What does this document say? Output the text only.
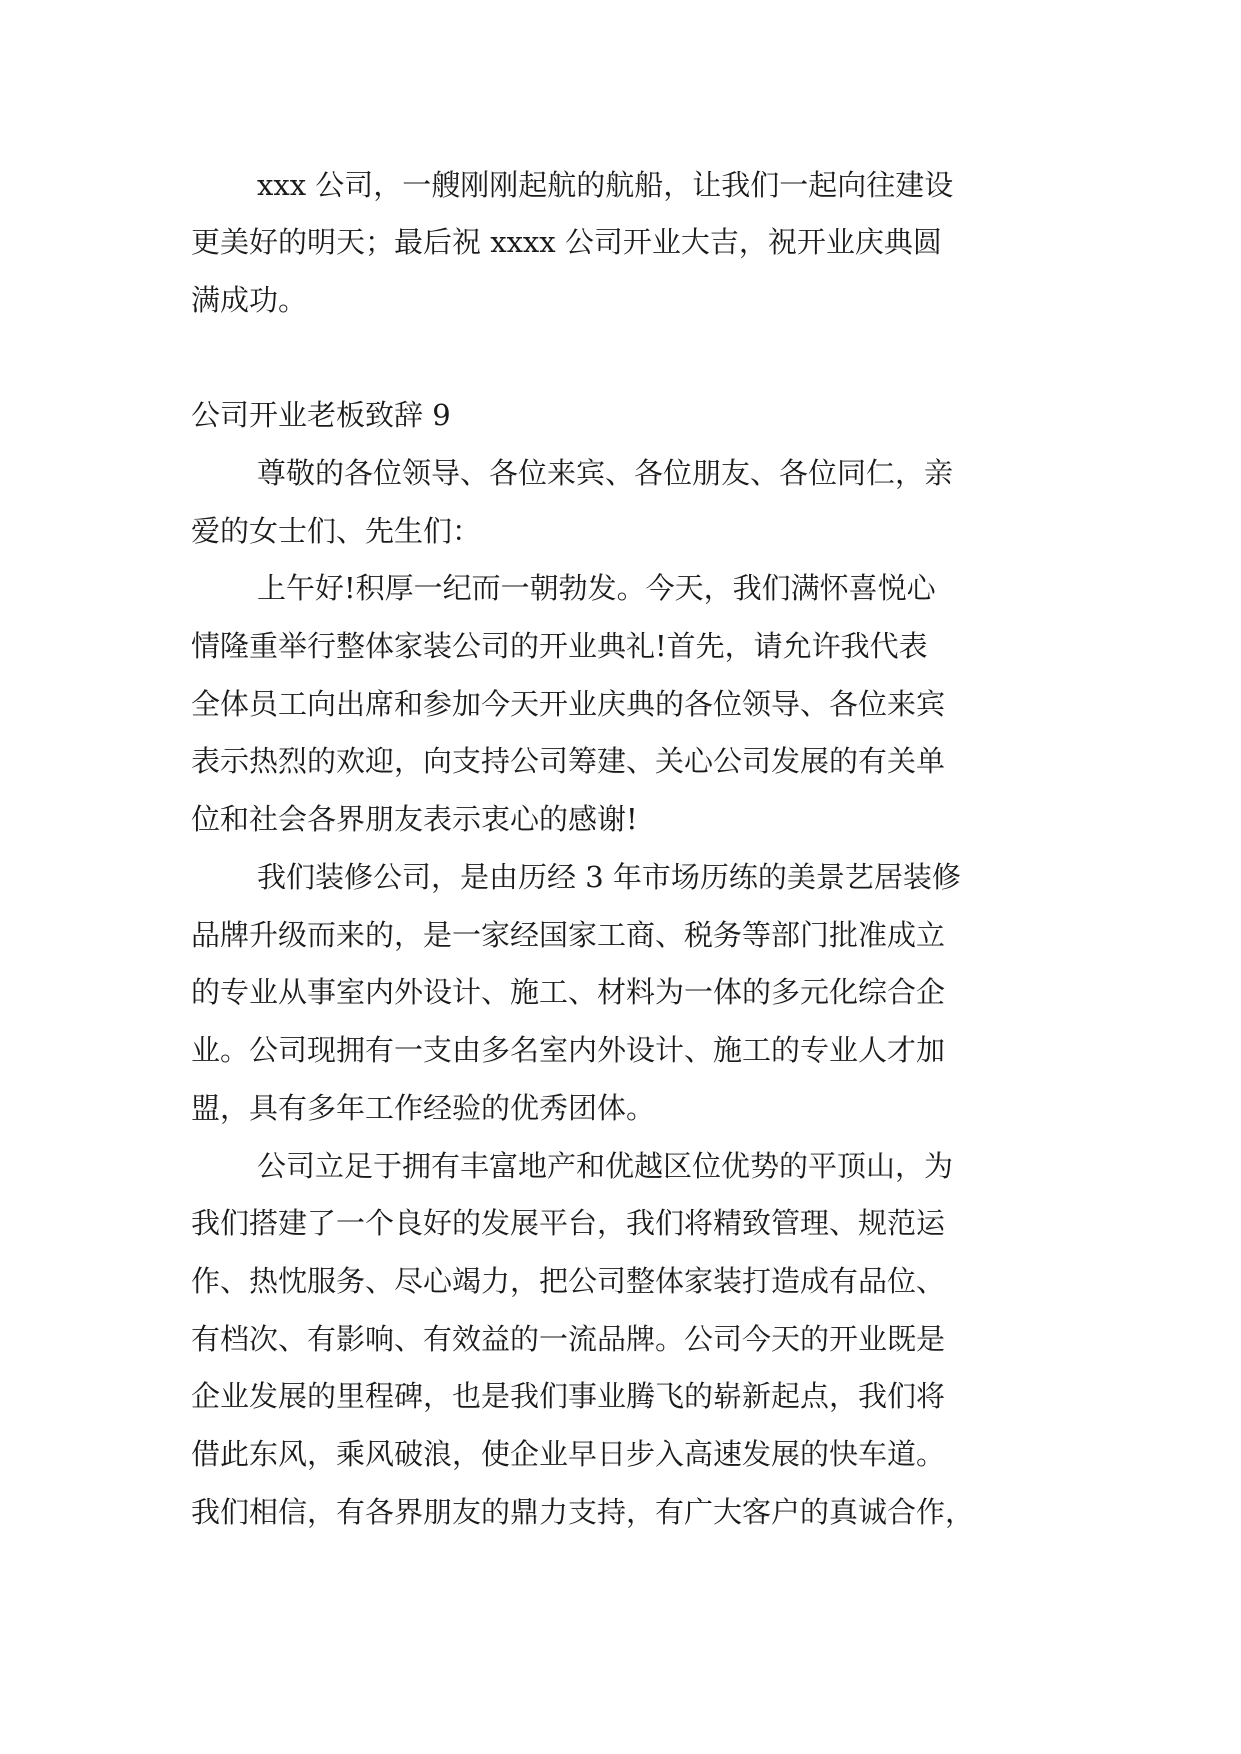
xxx 公司，一艘刚刚起航的航船，让我们一起向往建设
更美好的明天；最后祝 xxxx 公司开业大吉，祝开业庆典圆
满成功。
公司开业老板致辞 9
尊敬的各位领导、各位来宾、各位朋友、各位同仁，亲
爱的女士们、先生们：
上午好!积厚一纪而一朝勃发。今天，我们满怀喜悦心
情隆重举行整体家装公司的开业典礼!首先，请允许我代表
全体员工向出席和参加今天开业庆典的各位领导、各位来宾
表示热烈的欢迎，向支持公司筹建、关心公司发展的有关单
位和社会各界朋友表示衷心的感谢!
我们装修公司，是由历经 3 年市场历练的美景艺居装修
品牌升级而来的，是一家经国家工商、税务等部门批准成立
的专业从事室内外设计、施工、材料为一体的多元化综合企
业。公司现拥有一支由多名室内外设计、施工的专业人才加
盟，具有多年工作经验的优秀团体。
公司立足于拥有丰富地产和优越区位优势的平顶山，为
我们搭建了一个良好的发展平台，我们将精致管理、规范运
作、热忱服务、尽心竭力，把公司整体家装打造成有品位、
有档次、有影响、有效益的一流品牌。公司今天的开业既是
企业发展的里程碑，也是我们事业腾飞的崭新起点，我们将
借此东风，乘风破浪，使企业早日步入高速发展的快车道。
我们相信，有各界朋友的鼎力支持，有广大客户的真诚合作，
